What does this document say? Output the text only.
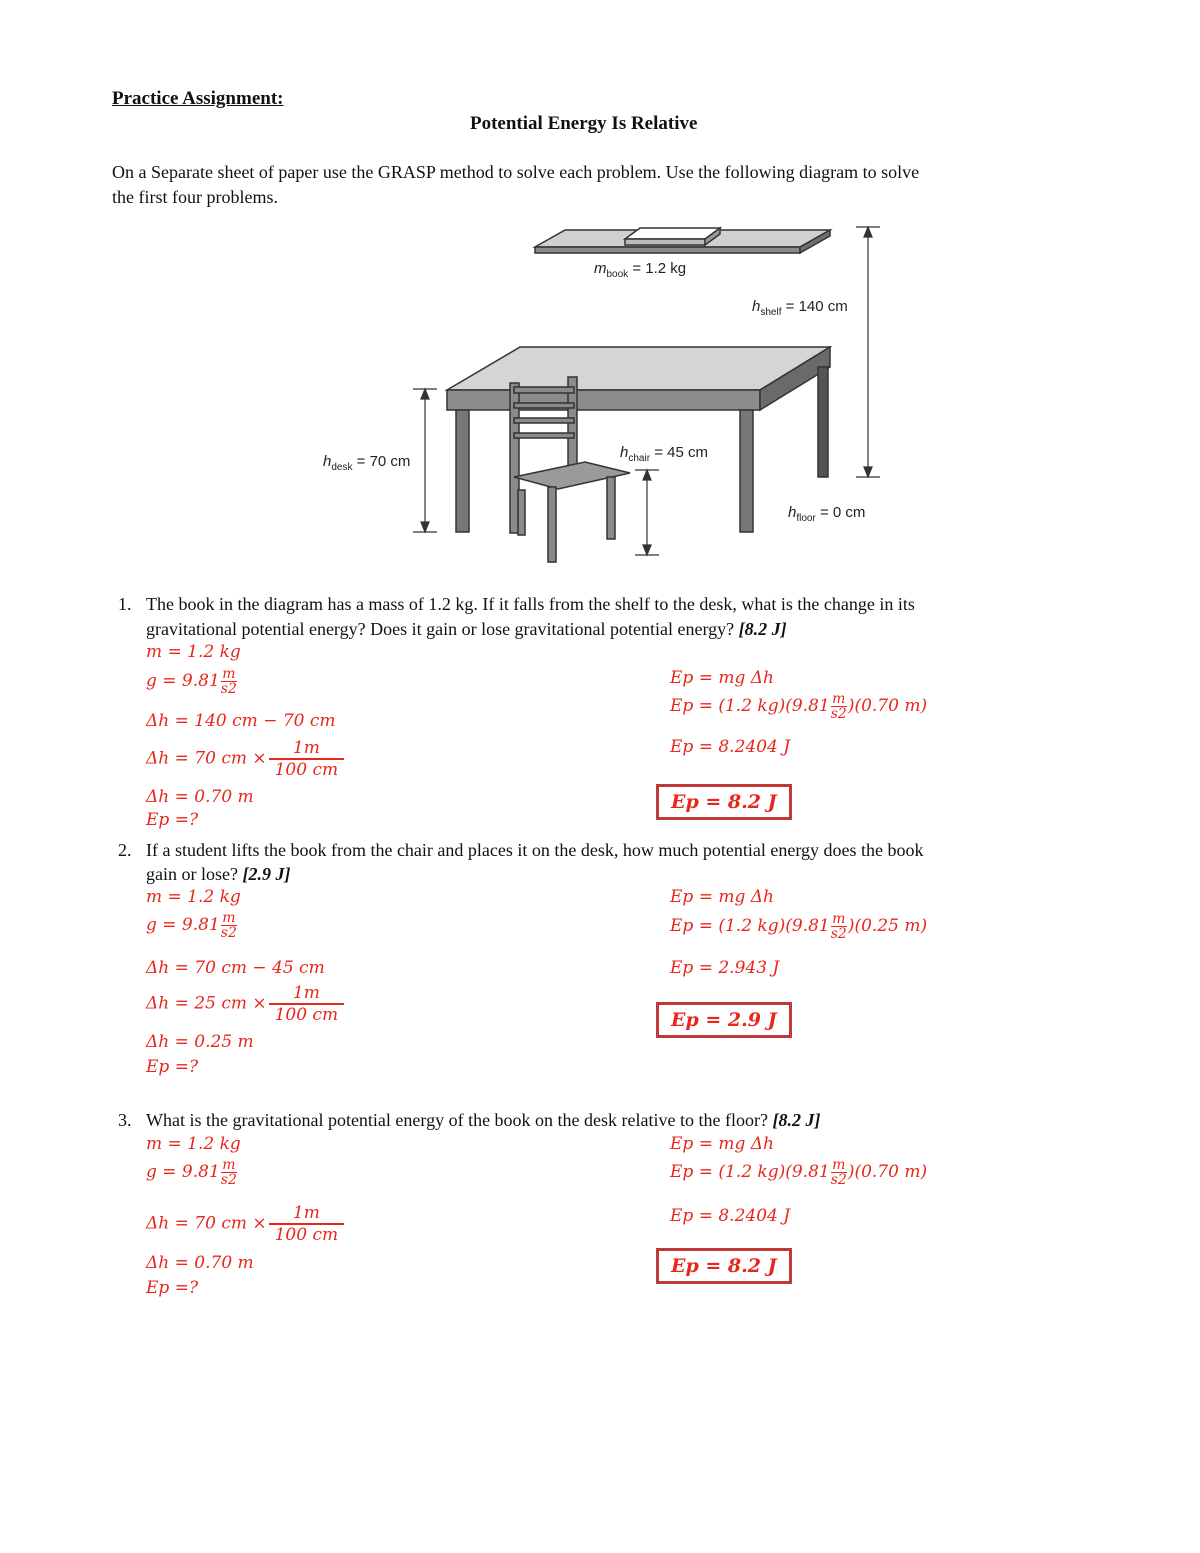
Practice Assignment:
Potential Energy Is Relative
On a Separate sheet of paper use the GRASP method to solve each problem. Use the following diagram to solve
the first four problems.
$m_{book} = 1.2$ kg
$h_{shelf} = 140$ cm
$h_{desk} = 70$ cm
$h_{chair} = 45$ cm
$h_{floor} = 0$ cm
1. The book in the diagram has a mass of 1.2 kg. If it falls from the shelf to the desk, what is the change in its
gravitational potential energy? Does it gain or lose gravitational potential energy? [8.2 J]
m = 1.2 kg
$g = 9.81 \frac{m}{s2}$
Δh = 140 cm − 70 cm
Δh = 70 cm × $\frac{1m}{100 cm}$
Δh = 0.70 m
Ep =?
Ep = mg Δh
Ep = (1.2 $kg)(9.81 \frac{m}{s2} )(0.70$ m)
Ep = 8.2404 J
Ep = 8.2 J
2. If a student lifts the book from the chair and places it on the desk, how much potential energy does the book
gain or lose? [2.9 J]
m = 1.2 kg
$g = 9.81 \frac{m}{s2}$
Δh = 70 cm − 45 cm
Δh = 25 cm × $\frac{1m}{100 cm}$
Δh = 0.25 m
Ep =?
Ep = mg Δh
Ep = (1.2 $kg)(9.81 \frac{m}{s2} )(0.25$ m)
Ep = 2.943 J
Ep = 2.9 J
3. What is the gravitational potential energy of the book on the desk relative to the floor? [8.2 J]
m = 1.2 kg
$g = 9.81 \frac{m}{s2}$
Δh = 70 cm × $\frac{1m}{100 cm}$
Δh = 0.70 m
Ep =?
Ep = mg Δh
Ep = (1.2 $kg)(9.81 \frac{m}{s2} )(0.70$ m)
Ep = 8.2404 J
Ep = 8.2 J
